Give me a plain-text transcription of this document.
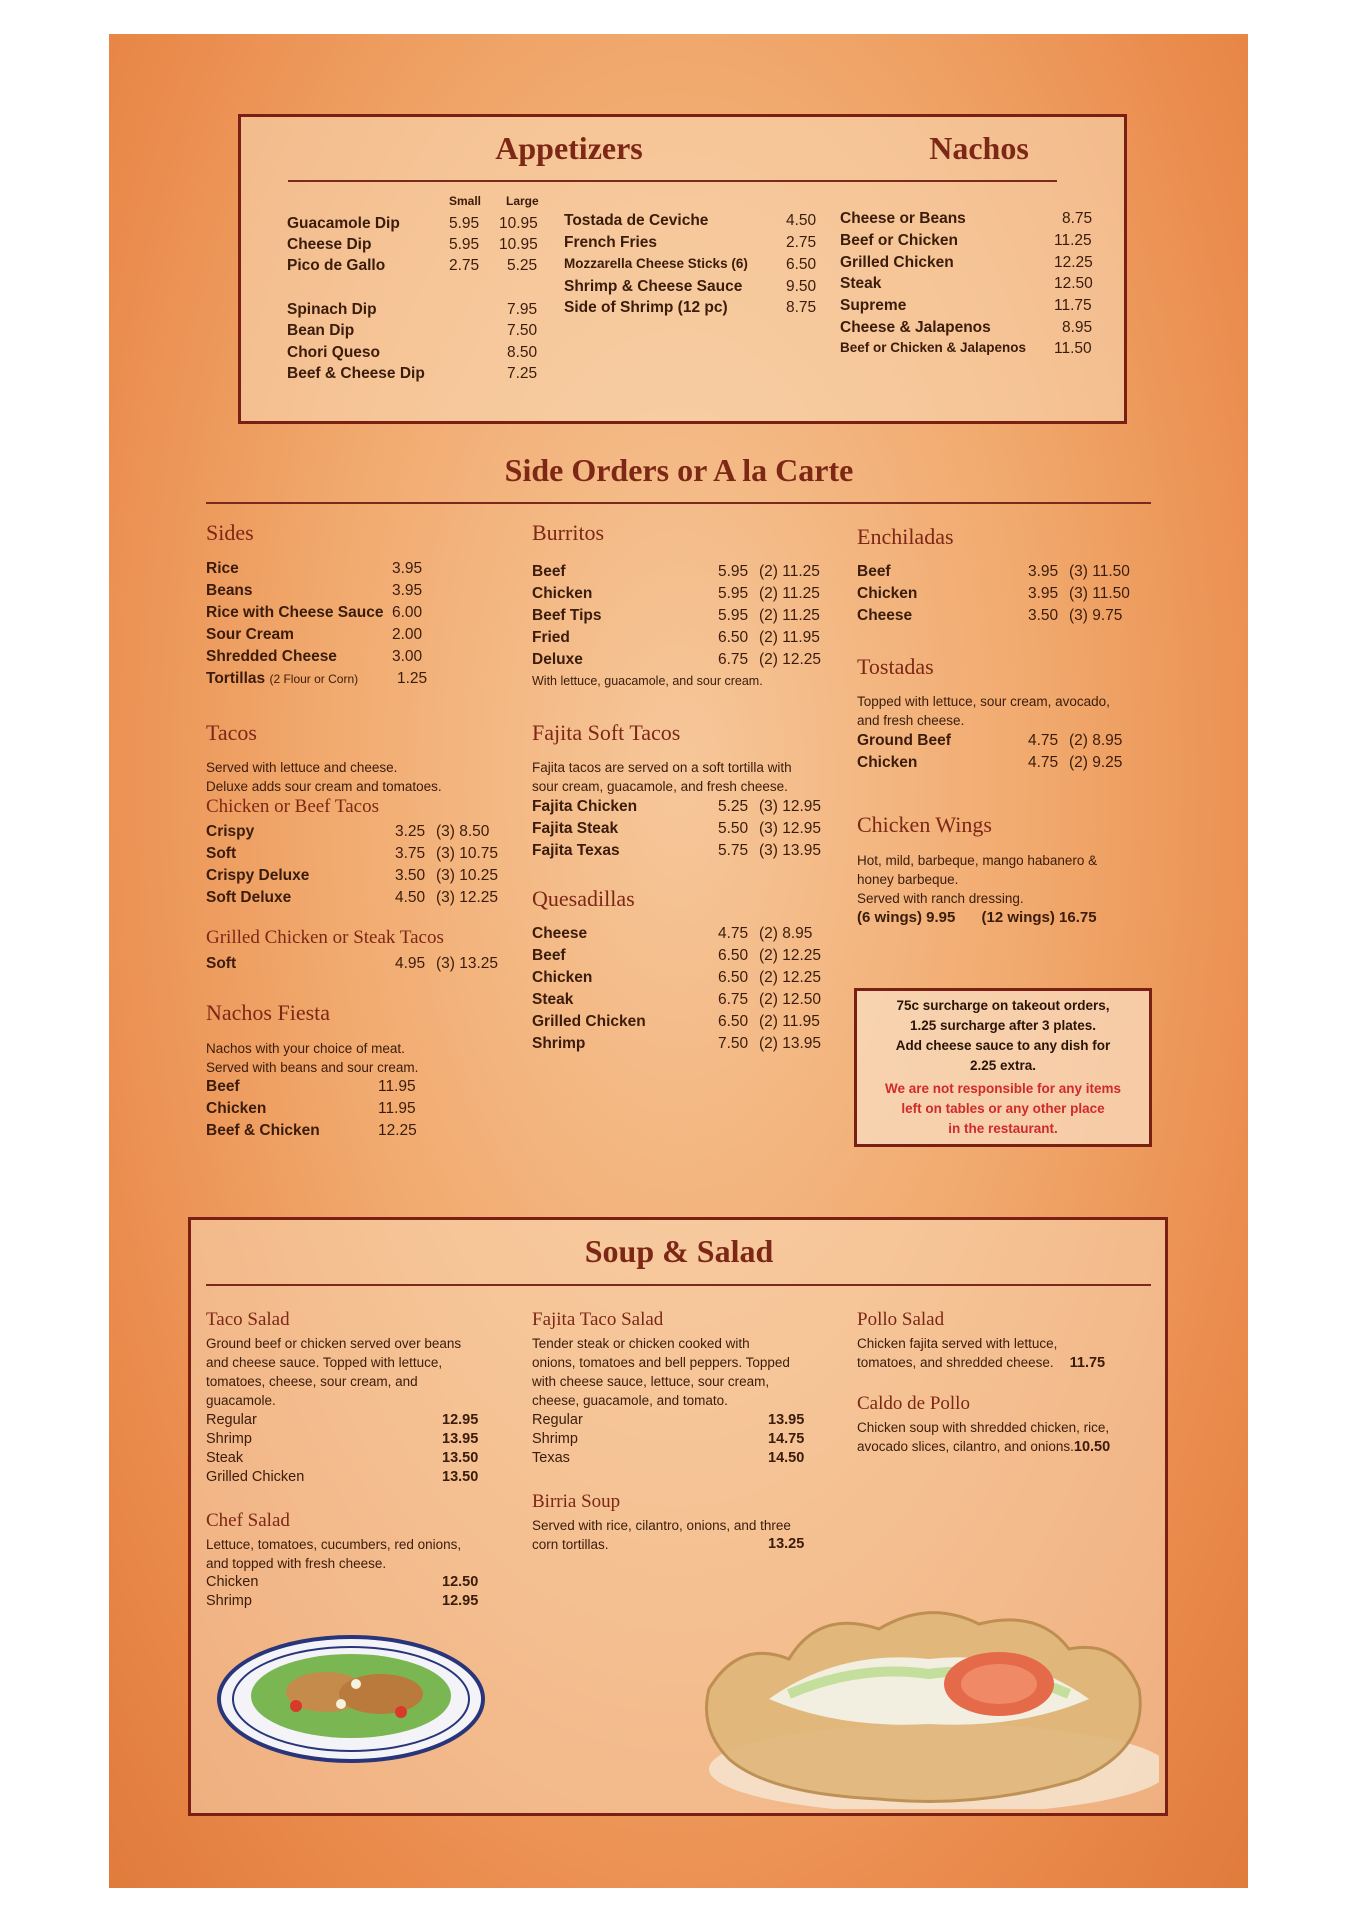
Appetizers	Nachos
Small Large
Guacamole Dip	5.95 10.95
Cheese Dip	5.95 10.95
Pico de Gallo	2.75 5.25
Spinach Dip	7.95
Bean Dip	7.50
Chori Queso	8.50
Beef & Cheese Dip	7.25
Tostada de Ceviche	4.50
French Fries	2.75
Mozzarella Cheese Sticks (6) 6.50
Shrimp & Cheese Sauce	9.50
Side of Shrimp (12 pc)	8.75
Cheese or Beans	8.75
Beef or Chicken	11.25
Grilled Chicken	12.25
Steak	12.50
Supreme	11.75
Cheese & Jalapenos	8.95
Beef or Chicken & Jalapenos 11.50
Side Orders or A la Carte
Sides
Rice	3.95
Beans	3.95
Rice with Cheese Sauce 6.00
Sour Cream	2.00
Shredded Cheese	3.00
Tortillas (2 Flour or Corn)	1.25
Tacos
Served with lettuce and cheese.
Deluxe adds sour cream and tomatoes.
Chicken or Beef Tacos
Crispy	3.25 (3) 8.50
Soft	3.75 (3) 10.75
Crispy Deluxe	3.50 (3) 10.25
Soft Deluxe	4.50 (3) 12.25
Grilled Chicken or Steak Tacos
Soft	4.95 (3) 13.25
Nachos Fiesta
Nachos with your choice of meat.
Served with beans and sour cream.
Beef	11.95
Chicken	11.95
Beef & Chicken	12.25
Burritos
Beef	5.95 (2) 11.25
Chicken	5.95 (2) 11.25
Beef Tips	5.95 (2) 11.25
Fried	6.50 (2) 11.95
Deluxe	6.75 (2) 12.25
With lettuce, guacamole, and sour cream.
Fajita Soft Tacos
Fajita tacos are served on a soft tortilla with
sour cream, guacamole, and fresh cheese.
Fajita Chicken	5.25 (3) 12.95
Fajita Steak	5.50 (3) 12.95
Fajita Texas	5.75 (3) 13.95
Quesadillas
Cheese	4.75 (2) 8.95
Beef	6.50 (2) 12.25
Chicken	6.50 (2) 12.25
Steak	6.75 (2) 12.50
Grilled Chicken	6.50 (2) 11.95
Shrimp	7.50 (2) 13.95
Enchiladas
Beef	3.95 (3) 11.50
Chicken	3.95 (3) 11.50
Cheese	3.50 (3) 9.75
Tostadas
Topped with lettuce, sour cream, avocado,
and fresh cheese.
Ground Beef	4.75 (2) 8.95
Chicken	4.75 (2) 9.25
Chicken Wings
Hot, mild, barbeque, mango habanero &
honey barbeque.
Served with ranch dressing.
(6 wings) 9.95 (12 wings) 16.75
75c surcharge on takeout orders,
1.25 surcharge after 3 plates.
Add cheese sauce to any dish for
2.25 extra.
We are not responsible for any items
left on tables or any other place
in the restaurant.
Soup & Salad
Taco Salad
Ground beef or chicken served over beans
and cheese sauce. Topped with lettuce,
tomatoes, cheese, sour cream, and
guacamole.
Regular	12.95
Shrimp	13.95
Steak	13.50
Grilled Chicken	13.50
Chef Salad
Lettuce, tomatoes, cucumbers, red onions,
and topped with fresh cheese.
Chicken	12.50
Shrimp	12.95
Fajita Taco Salad
Tender steak or chicken cooked with
onions, tomatoes and bell peppers. Topped
with cheese sauce, lettuce, sour cream,
cheese, guacamole, and tomato.
Regular	13.95
Shrimp	14.75
Texas	14.50
Birria Soup
Served with rice, cilantro, onions, and three
corn tortillas.	13.25
Pollo Salad
Chicken fajita served with lettuce,
tomatoes, and shredded cheese. 11.75
Caldo de Pollo
Chicken soup with shredded chicken, rice,
avocado slices, cilantro, and onions.10.50
